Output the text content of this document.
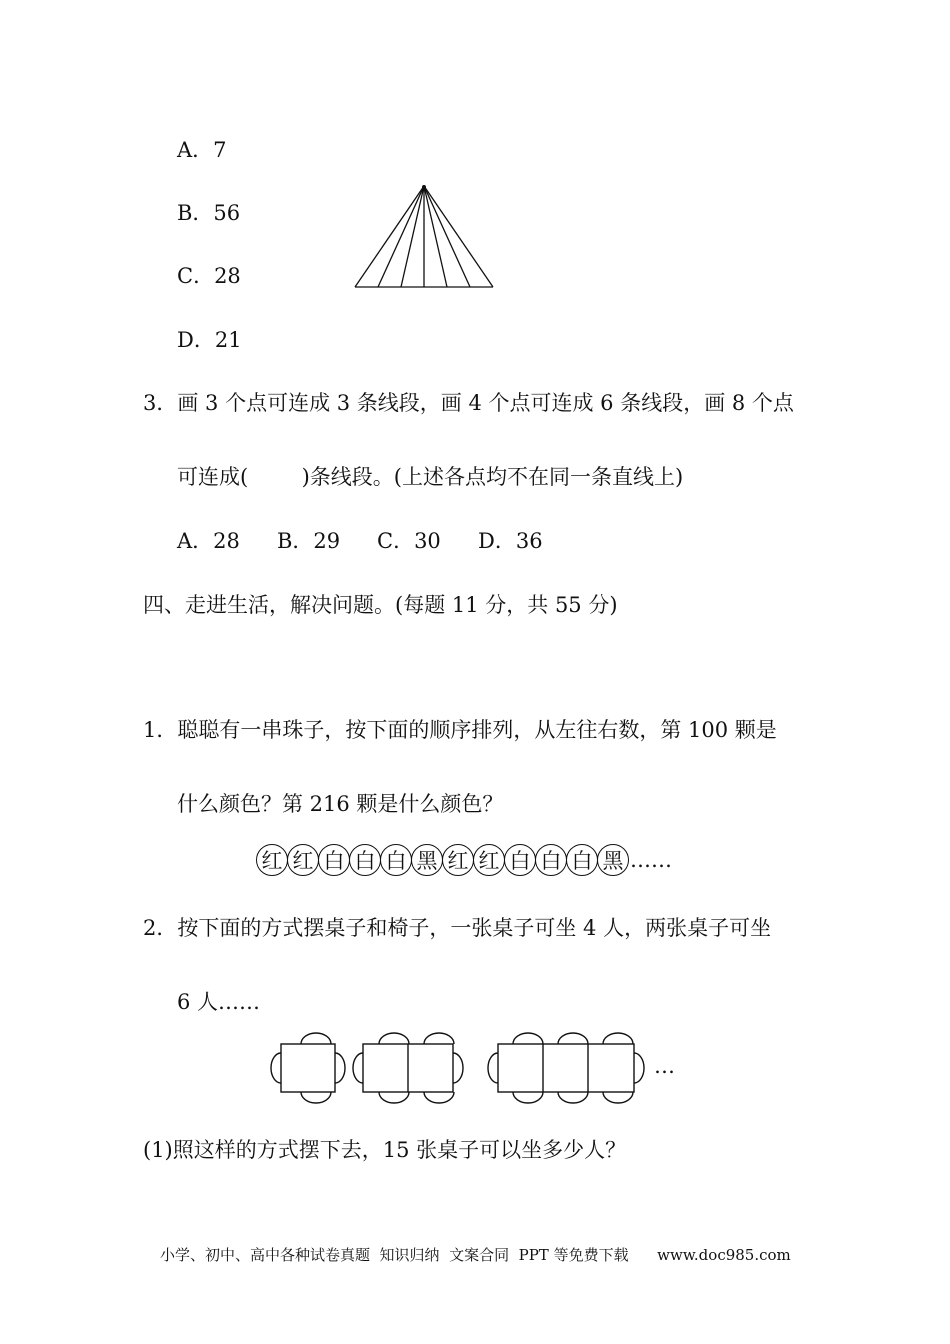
A．7
B．56
C．28
D．21
3．画 3 个点可连成 3 条线段，画 4 个点可连成 6 条线段，画 8 个点
可连成(        )条线段。(上述各点均不在同一条直线上)
A．28 B．29 C．30 D．36
四、走进生活，解决问题。(每题 11 分，共 55 分)
1．聪聪有一串珠子，按下面的顺序排列，从左往右数，第 100 颗是
什么颜色？第 216 颗是什么颜色？
红 红 白 白 白 黑 红 红 白 白 白 黑 ……
2．按下面的方式摆桌子和椅子，一张桌子可坐 4 人，两张桌子可坐
6 人……
…
(1)照这样的方式摆下去，15 张桌子可以坐多少人？
小学、初中、高中各种试卷真题  知识归纳  文案合同  PPT 等免费下载      www.doc985.com
